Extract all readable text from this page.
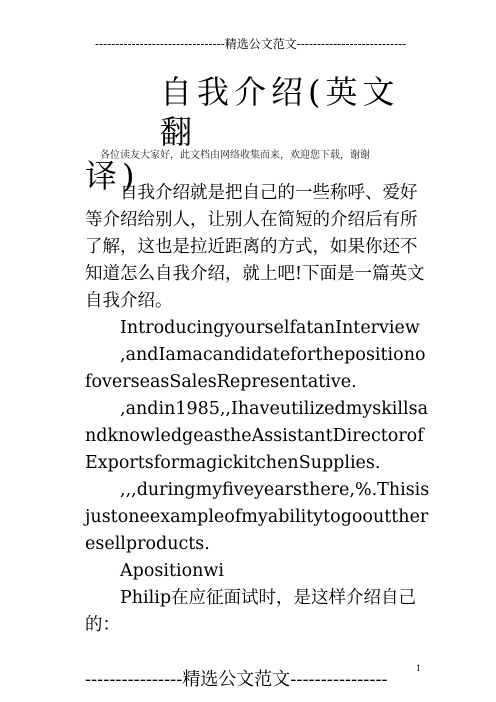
--------------------------------精选公文范文---------------------------
自我介绍(英文翻
译)
各位读友大家好，此文档由网络收集而来，欢迎您下载，谢谢

自我介绍就是把自己的一些称呼、爱好等介绍给别人，让别人在简短的介绍后有所了解，这也是拉近距离的方式，如果你还不知道怎么自我介绍，就上吧!下面是一篇英文自我介绍。

IntroducingyourselfatanInterview

,andIamacandidateforthepositionofoverseasSalesRepresentative.

,andin1985,,IhaveutilizedmyskillsandknowledgeastheAssistantDirectorofExportsformagickitchenSupplies.

,,,duringmyfiveyearsthere,%.Thisisjustoneexampleofmyabilitytogoouttheresellproducts.

Apositionwi

Philip在应征面试时，是这样介绍自己的：

----------------精选公文范文----------------
1
